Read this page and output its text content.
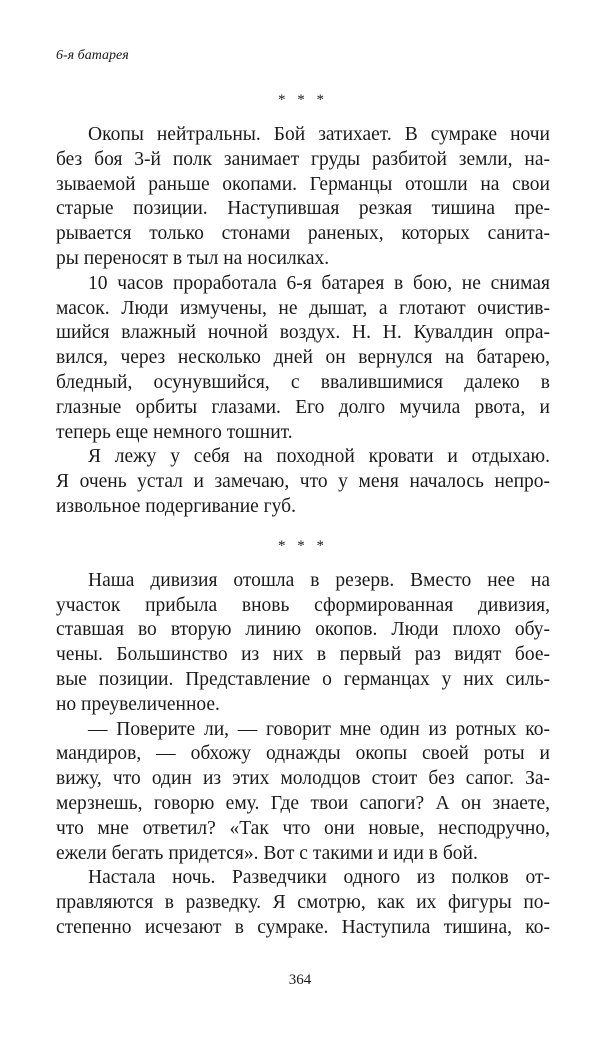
6-я батарея
* * *
Окопы нейтральны. Бой затихает. В сумраке ночи
без боя 3-й полк занимает груды разбитой земли, на-
зываемой раньше окопами. Германцы отошли на свои
старые позиции. Наступившая резкая тишина пре-
рывается только стонами раненых, которых санита-
ры переносят в тыл на носилках.
10 часов проработала 6-я батарея в бою, не снимая
масок. Люди измучены, не дышат, а глотают очистив-
шийся влажный ночной воздух. Н. Н. Кувалдин опра-
вился, через несколько дней он вернулся на батарею,
бледный, осунувшийся, с ввалившимися далеко в
глазные орбиты глазами. Его долго мучила рвота, и
теперь еще немного тошнит.
Я лежу у себя на походной кровати и отдыхаю.
Я очень устал и замечаю, что у меня началось непро-
извольное подергивание губ.
* * *
Наша дивизия отошла в резерв. Вместо нее на
участок прибыла вновь сформированная дивизия,
ставшая во вторую линию окопов. Люди плохо обу-
чены. Большинство из них в первый раз видят бое-
вые позиции. Представление о германцах у них силь-
но преувеличенное.
— Поверите ли, — говорит мне один из ротных ко-
мандиров, — обхожу однажды окопы своей роты и
вижу, что один из этих молодцов стоит без сапог. За-
мерзнешь, говорю ему. Где твои сапоги? А он знаете,
что мне ответил? «Так что они новые, несподручно,
ежели бегать придется». Вот с такими и иди в бой.
Настала ночь. Разведчики одного из полков от-
правляются в разведку. Я смотрю, как их фигуры по-
степенно исчезают в сумраке. Наступила тишина, ко-
364
